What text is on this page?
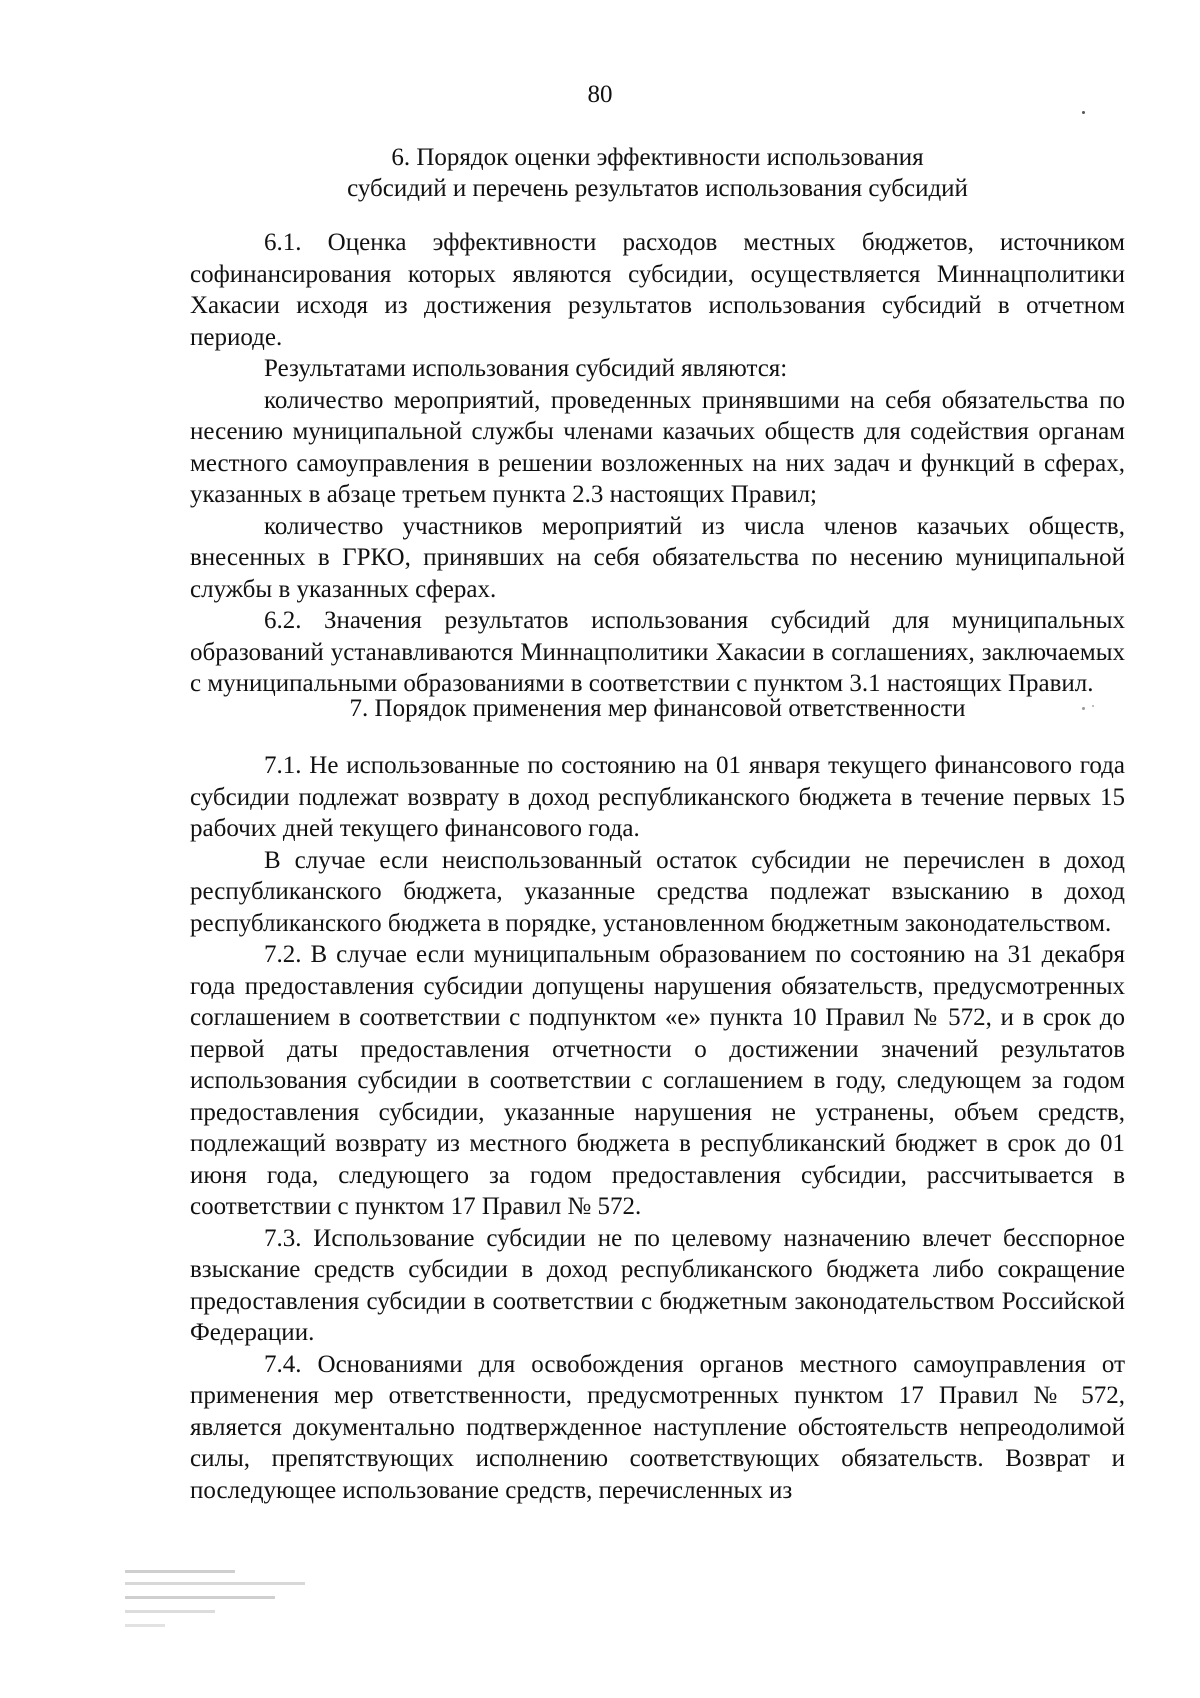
80
6. Порядок оценки эффективности использования
субсидий и перечень результатов использования субсидий

6.1. Оценка эффективности расходов местных бюджетов, источником софинансирования которых являются субсидии, осуществляется Миннацполитики Хакасии исходя из достижения результатов использования субсидий в отчетном периоде.

Результатами использования субсидий являются:

количество мероприятий, проведенных принявшими на себя обязательства по несению муниципальной службы членами казачьих обществ для содействия органам местного самоуправления в решении возложенных на них задач и функций в сферах, указанных в абзаце третьем пункта 2.3 настоящих Правил;

количество участников мероприятий из числа членов казачьих обществ, внесенных в ГРКО, принявших на себя обязательства по несению муниципальной службы в указанных сферах.

6.2. Значения результатов использования субсидий для муниципальных образований устанавливаются Миннацполитики Хакасии в соглашениях, заключаемых с муниципальными образованиями в соответствии с пунктом 3.1 настоящих Правил.

7. Порядок применения мер финансовой ответственности

7.1. Не использованные по состоянию на 01 января текущего финансового года субсидии подлежат возврату в доход республиканского бюджета в течение первых 15 рабочих дней текущего финансового года.

В случае если неиспользованный остаток субсидии не перечислен в доход республиканского бюджета, указанные средства подлежат взысканию в доход республиканского бюджета в порядке, установленном бюджетным законодательством.

7.2. В случае если муниципальным образованием по состоянию на 31 декабря года предоставления субсидии допущены нарушения обязательств, предусмотренных соглашением в соответствии с подпунктом «е» пункта 10 Правил № 572, и в срок до первой даты предоставления отчетности о достижении значений результатов использования субсидии в соответствии с соглашением в году, следующем за годом предоставления субсидии, указанные нарушения не устранены, объем средств, подлежащий возврату из местного бюджета в республиканский бюджет в срок до 01 июня года, следующего за годом предоставления субсидии, рассчитывается в соответствии с пунктом 17 Правил № 572.

7.3. Использование субсидии не по целевому назначению влечет бесспорное взыскание средств субсидии в доход республиканского бюджета либо сокращение предоставления субсидии в соответствии с бюджетным законодательством Российской Федерации.

7.4. Основаниями для освобождения органов местного самоуправления от применения мер ответственности, предусмотренных пунктом 17 Правил № 572, является документально подтвержденное наступление обстоятельств непреодолимой силы, препятствующих исполнению соответствующих обязательств. Возврат и последующее использование средств, перечисленных из
